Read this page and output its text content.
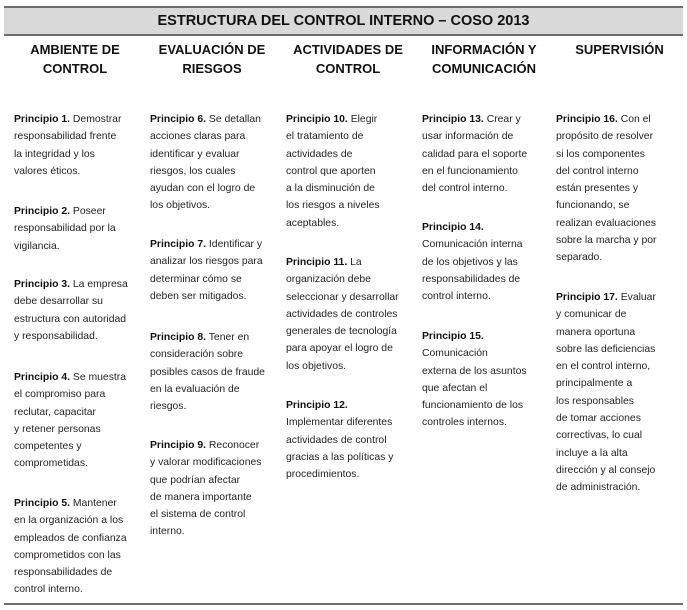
ESTRUCTURA DEL CONTROL INTERNO – COSO 2013
AMBIENTE DE
CONTROL
EVALUACIÓN DE
RIESGOS
ACTIVIDADES DE
CONTROL
INFORMACIÓN Y
COMUNICACIÓN
SUPERVISIÓN
Principio 1. Demostrar
responsabilidad frente
la integridad y los
valores éticos.
Principio 2. Poseer
responsabilidad por la
vigilancia.
Principio 3. La empresa
debe desarrollar su
estructura con autoridad
y responsabilidad.
Principio 4. Se muestra
el compromiso para
reclutar, capacitar
y retener personas
competentes y
comprometidas.
Principio 5. Mantener
en la organización a los
empleados de confianza
comprometidos con las
responsabilidades de
control interno.
Principio 6. Se detallan
acciones claras para
identificar y evaluar
riesgos, los cuales
ayudan con el logro de
los objetivos.
Principio 7. Identificar y
analizar los riesgos para
determinar cómo se
deben ser mitigados.
Principio 8. Tener en
consideración sobre
posibles casos de fraude
en la evaluación de
riesgos.
Principio 9. Reconocer
y valorar modificaciones
que podrían afectar
de manera importante
el sistema de control
interno.
Principio 10. Elegir
el tratamiento de
actividades de
control que aporten
a la disminución de
los riesgos a niveles
aceptables.
Principio 11. La
organización debe
seleccionar y desarrollar
actividades de controles
generales de tecnología
para apoyar el logro de
los objetivos.
Principio 12.
Implementar diferentes
actividades de control
gracias a las políticas y
procedimientos.
Principio 13. Crear y
usar información de
calidad para el soporte
en el funcionamiento
del control interno.
Principio 14.
Comunicación interna
de los objetivos y las
responsabilidades de
control interno.
Principio 15.
Comunicación
externa de los asuntos
que afectan el
funcionamiento de los
controles internos.
Principio 16. Con el
propósito de resolver
si los componentes
del control interno
están presentes y
funcionando, se
realizan evaluaciones
sobre la marcha y por
separado.
Principio 17. Evaluar
y comunicar de
manera oportuna
sobre las deficiencias
en el control interno,
principalmente a
los responsables
de tomar acciones
correctivas, lo cual
incluye a la alta
dirección y al consejo
de administración.
